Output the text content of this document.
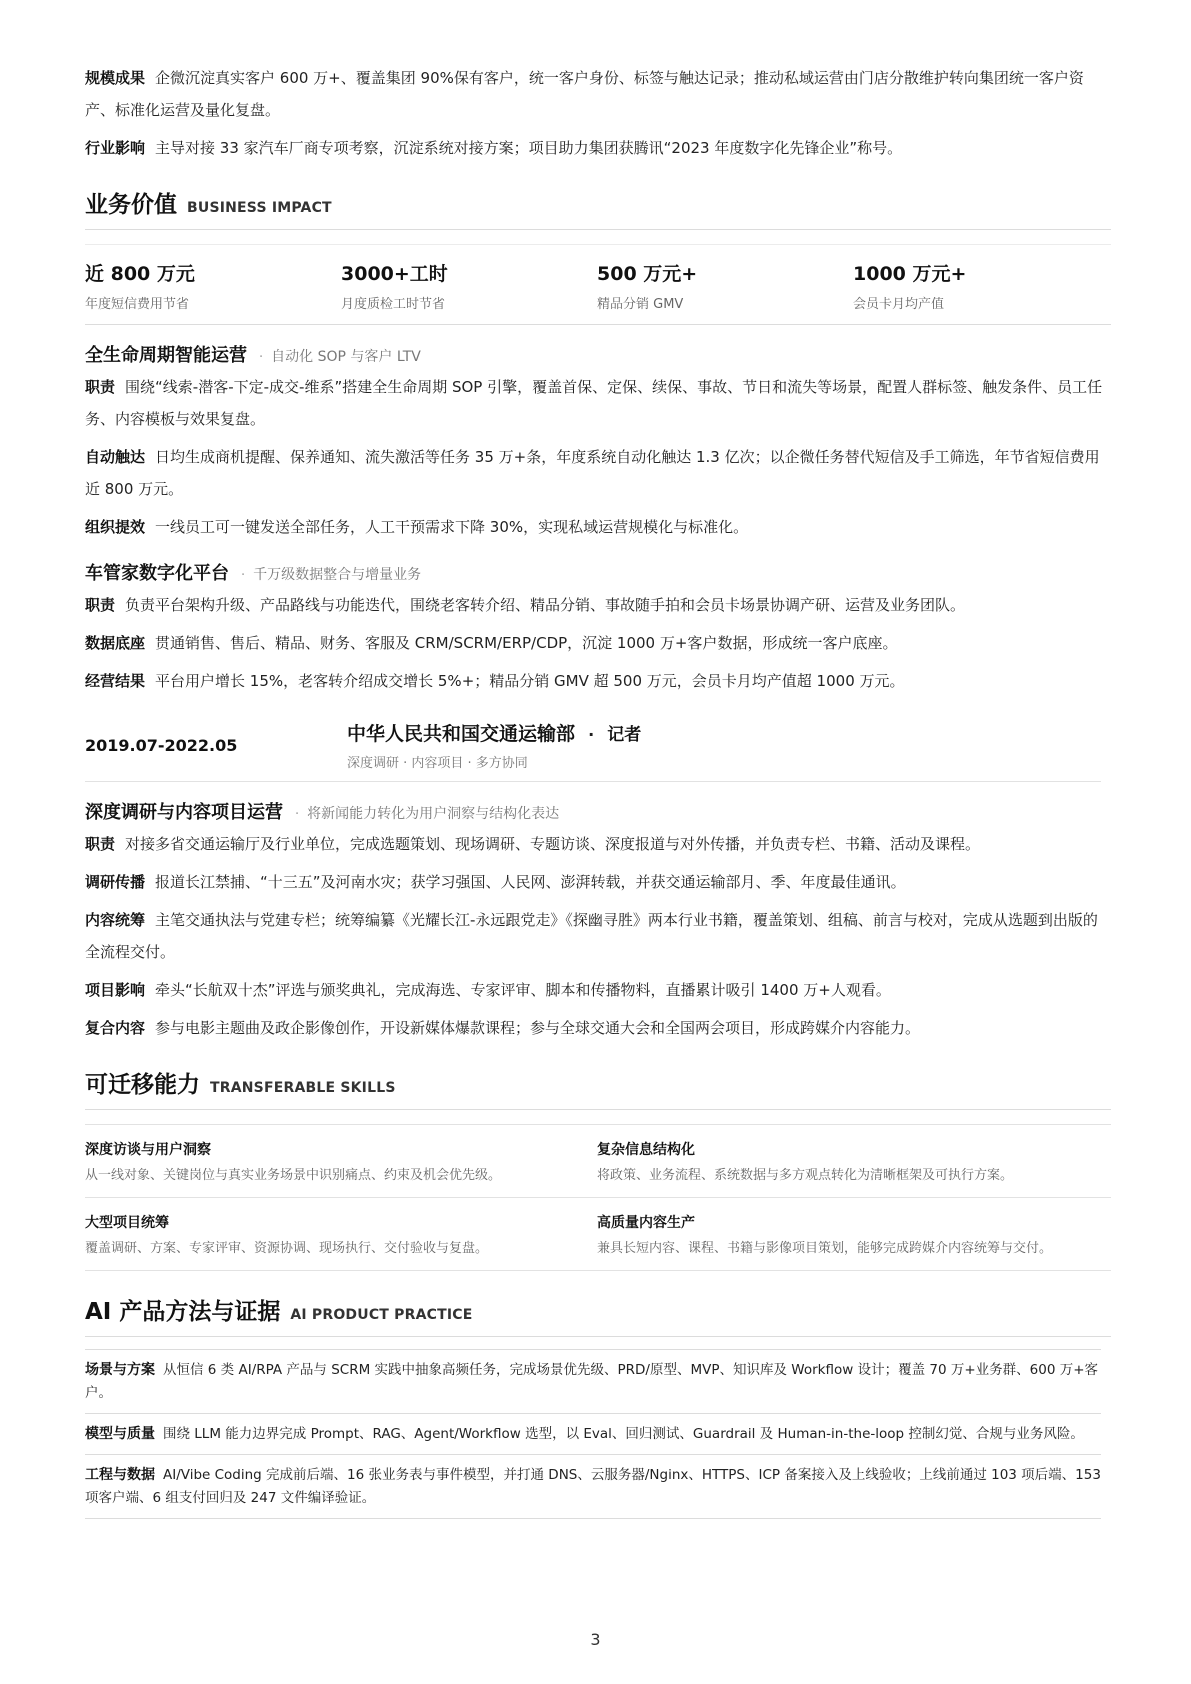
规模成果 企微沉淀真实客户 600 万+、覆盖集团 90%保有客户，统一客户身份、标签与触达记录；推动私域运营由门店分散维护转向集团统一客户资产、标准化运营及量化复盘。

行业影响 主导对接 33 家汽车厂商专项考察，沉淀系统对接方案；项目助力集团获腾讯“2023 年度数字化先锋企业”称号。

业务价值 BUSINESS IMPACT
近 800 万元
年度短信费用节省
3000+工时
月度质检工时节省
500 万元+
精品分销 GMV
1000 万元+
会员卡月均产值
全生命周期智能运营 · 自动化 SOP 与客户 LTV

职责 围绕“线索-潜客-下定-成交-维系”搭建全生命周期 SOP 引擎，覆盖首保、定保、续保、事故、节日和流失等场景，配置人群标签、触发条件、员工任务、内容模板与效果复盘。

自动触达 日均生成商机提醒、保养通知、流失激活等任务 35 万+条，年度系统自动化触达 1.3 亿次；以企微任务替代短信及手工筛选，年节省短信费用近 800 万元。

组织提效 一线员工可一键发送全部任务，人工干预需求下降 30%，实现私域运营规模化与标准化。

车管家数字化平台 · 千万级数据整合与增量业务

职责 负责平台架构升级、产品路线与功能迭代，围绕老客转介绍、精品分销、事故随手拍和会员卡场景协调产研、运营及业务团队。

数据底座 贯通销售、售后、精品、财务、客服及 CRM/SCRM/ERP/CDP，沉淀 1000 万+客户数据，形成统一客户底座。

经营结果 平台用户增长 15%，老客转介绍成交增长 5%+；精品分销 GMV 超 500 万元，会员卡月均产值超 1000 万元。

2019.07-2022.05	中华人民共和国交通运输部 · 记者
深度调研 · 内容项目 · 多方协同
深度调研与内容项目运营 · 将新闻能力转化为用户洞察与结构化表达

职责 对接多省交通运输厅及行业单位，完成选题策划、现场调研、专题访谈、深度报道与对外传播，并负责专栏、书籍、活动及课程。

调研传播 报道长江禁捕、“十三五”及河南水灾；获学习强国、人民网、澎湃转载，并获交通运输部月、季、年度最佳通讯。

内容统筹 主笔交通执法与党建专栏；统筹编纂《光耀长江-永远跟党走》《探幽寻胜》两本行业书籍，覆盖策划、组稿、前言与校对，完成从选题到出版的全流程交付。

项目影响 牵头“长航双十杰”评选与颁奖典礼，完成海选、专家评审、脚本和传播物料，直播累计吸引 1400 万+人观看。

复合内容 参与电影主题曲及政企影像创作，开设新媒体爆款课程；参与全球交通大会和全国两会项目，形成跨媒介内容能力。

可迁移能力 TRANSFERABLE SKILLS
深度访谈与用户洞察
从一线对象、关键岗位与真实业务场景中识别痛点、约束及机会优先级。
复杂信息结构化
将政策、业务流程、系统数据与多方观点转化为清晰框架及可执行方案。
大型项目统筹
覆盖调研、方案、专家评审、资源协调、现场执行、交付验收与复盘。
高质量内容生产
兼具长短内容、课程、书籍与影像项目策划，能够完成跨媒介内容统筹与交付。
AI 产品方法与证据 AI PRODUCT PRACTICE
场景与方案 从恒信 6 类 AI/RPA 产品与 SCRM 实践中抽象高频任务，完成场景优先级、PRD/原型、MVP、知识库及 Workflow 设计；覆盖 70 万+业务群、600 万+客户。
模型与质量 围绕 LLM 能力边界完成 Prompt、RAG、Agent/Workflow 选型，以 Eval、回归测试、Guardrail 及 Human-in-the-loop 控制幻觉、合规与业务风险。
工程与数据 AI/Vibe Coding 完成前后端、16 张业务表与事件模型，并打通 DNS、云服务器/Nginx、HTTPS、ICP 备案接入及上线验收；上线前通过 103 项后端、153 项客户端、6 组支付回归及 247 文件编译验证。
3
